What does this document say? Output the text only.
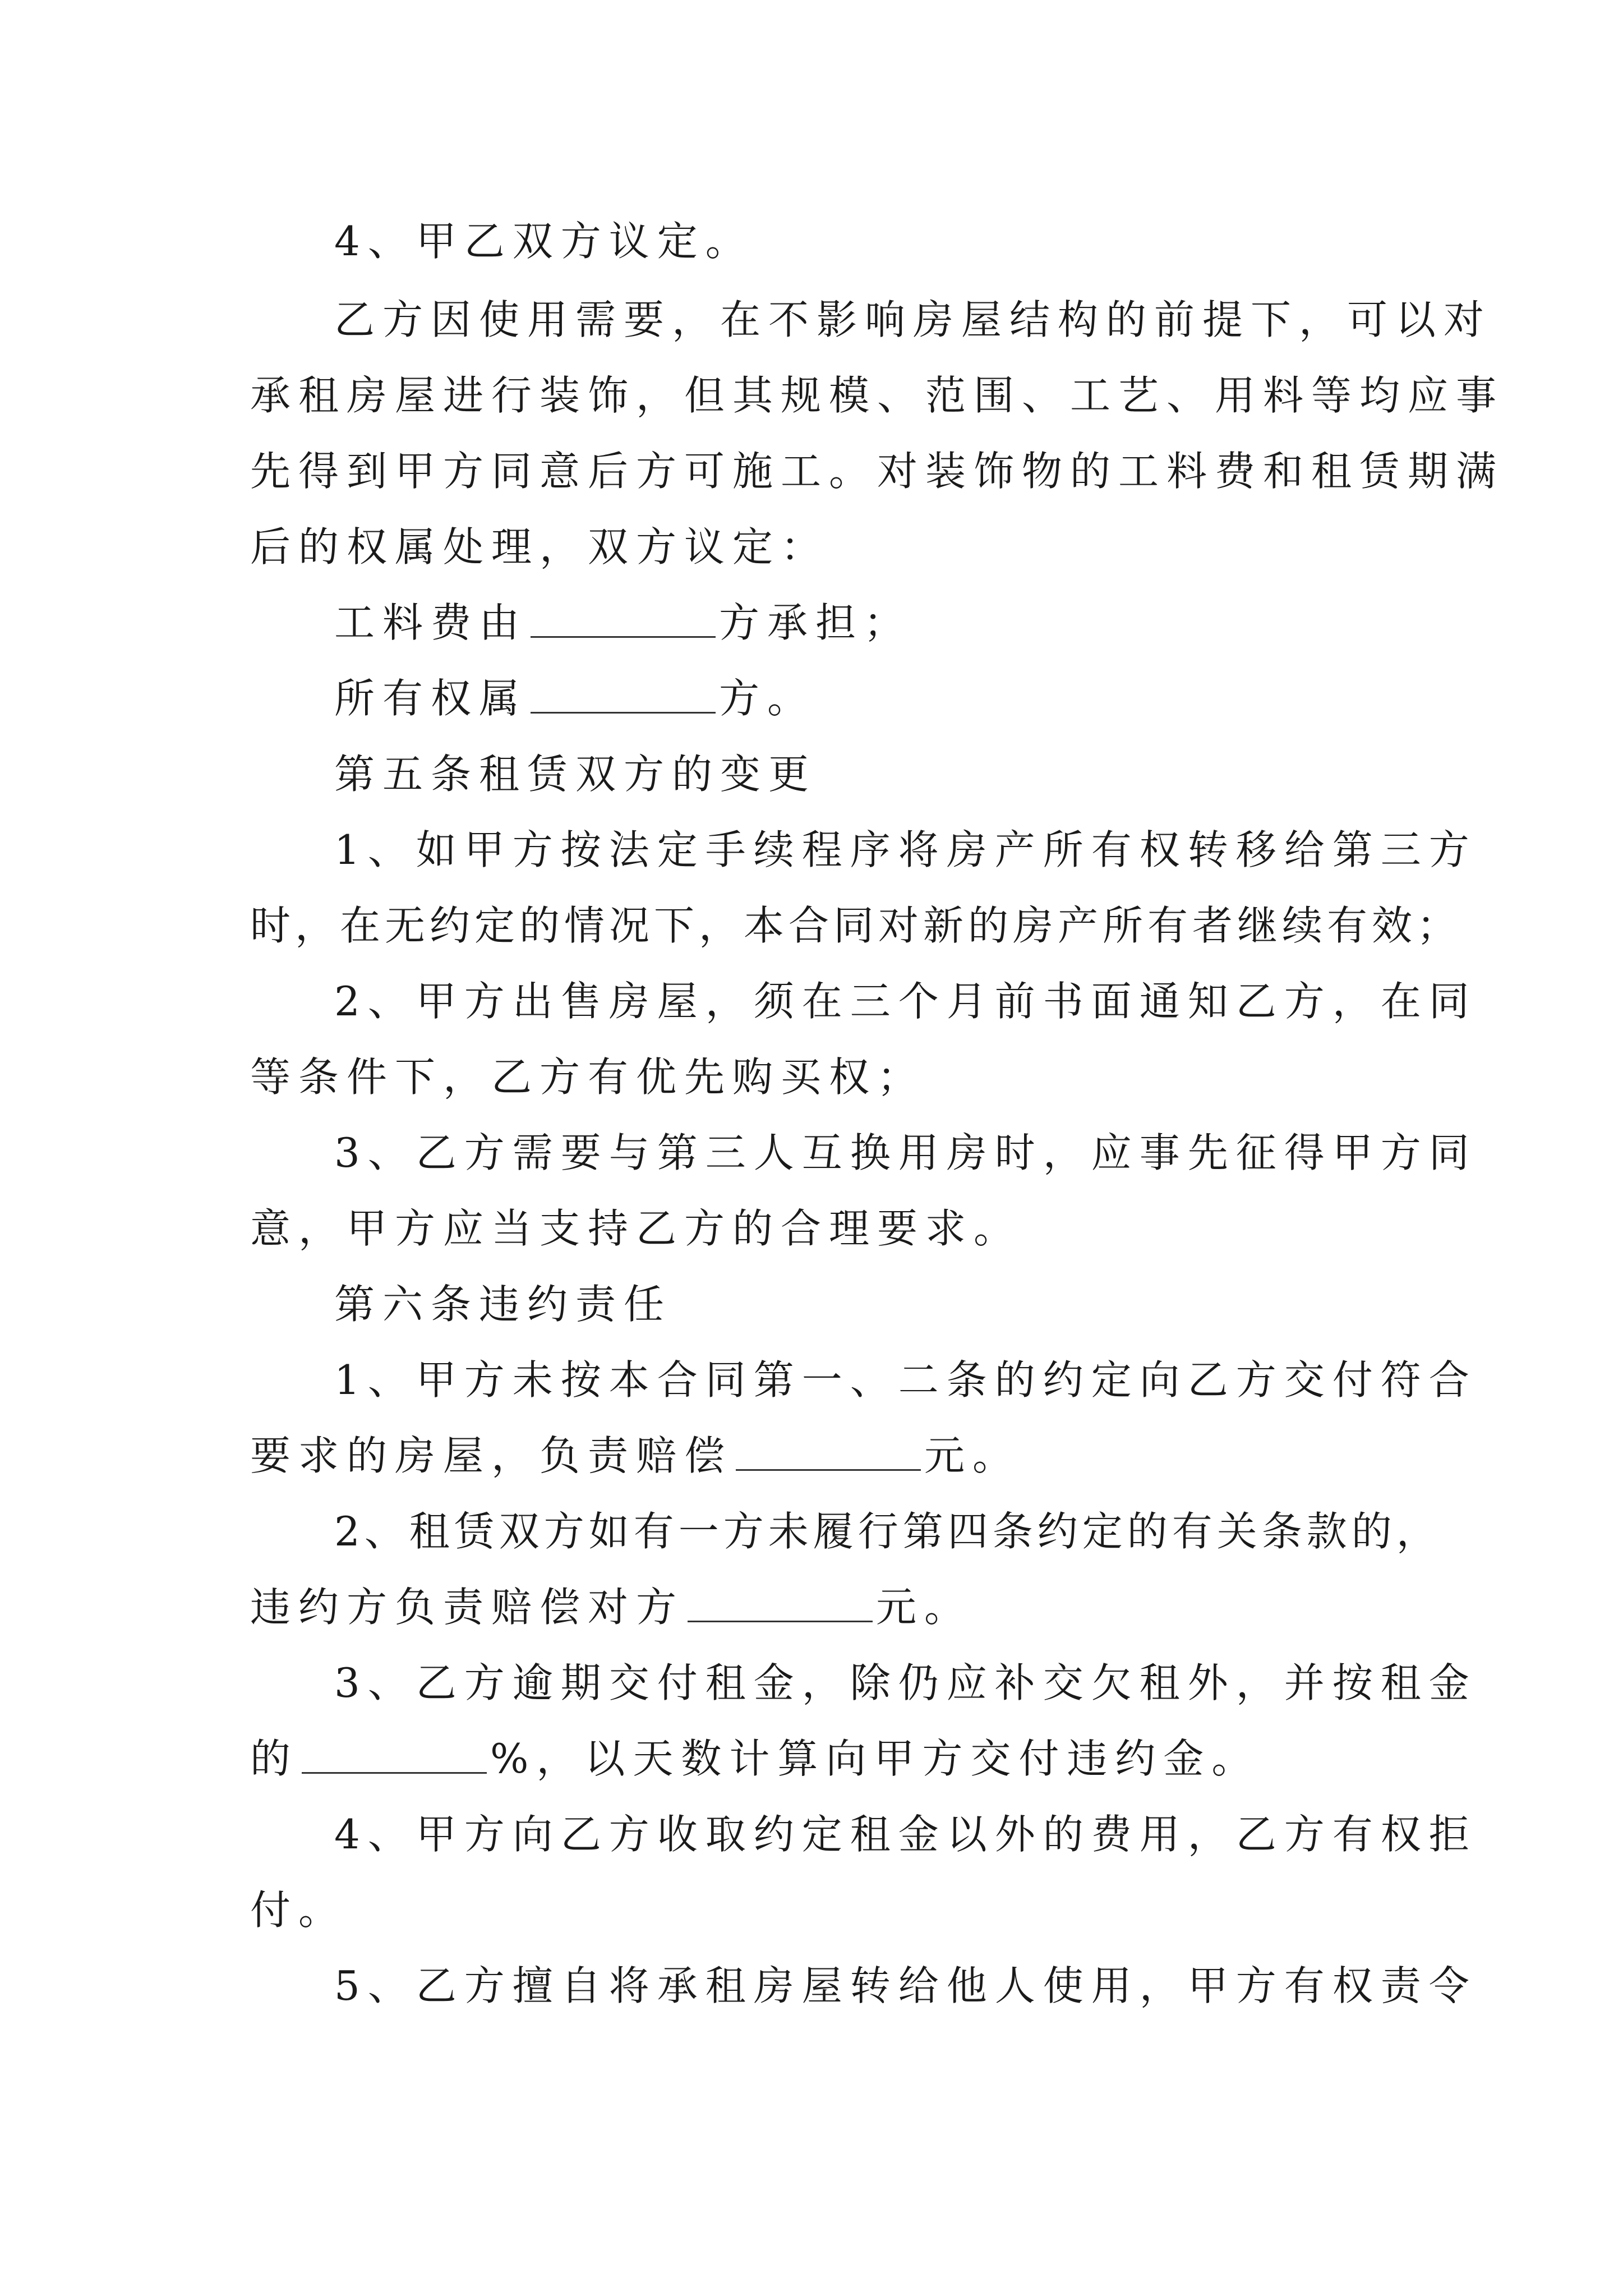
4、甲乙双方议定。
乙方因使用需要，在不影响房屋结构的前提下，可以对
承租房屋进行装饰，但其规模、范围、工艺、用料等均应事
先得到甲方同意后方可施工。对装饰物的工料费和租赁期满
后的权属处理，双方议定：
工料费由	方承担；
所有权属	方。
第五条租赁双方的变更
1、如甲方按法定手续程序将房产所有权转移给第三方
时，在无约定的情况下，本合同对新的房产所有者继续有效；
2、甲方出售房屋，须在三个月前书面通知乙方，在同
等条件下，乙方有优先购买权；
3、乙方需要与第三人互换用房时，应事先征得甲方同
意，甲方应当支持乙方的合理要求。
第六条违约责任
1、甲方未按本合同第一、二条的约定向乙方交付符合
要求的房屋，负责赔偿	元。
2、租赁双方如有一方未履行第四条约定的有关条款的，
违约方负责赔偿对方	元。
3、乙方逾期交付租金，除仍应补交欠租外，并按租金
的	%，以天数计算向甲方交付违约金。
4、甲方向乙方收取约定租金以外的费用，乙方有权拒
付。
5、乙方擅自将承租房屋转给他人使用，甲方有权责令
